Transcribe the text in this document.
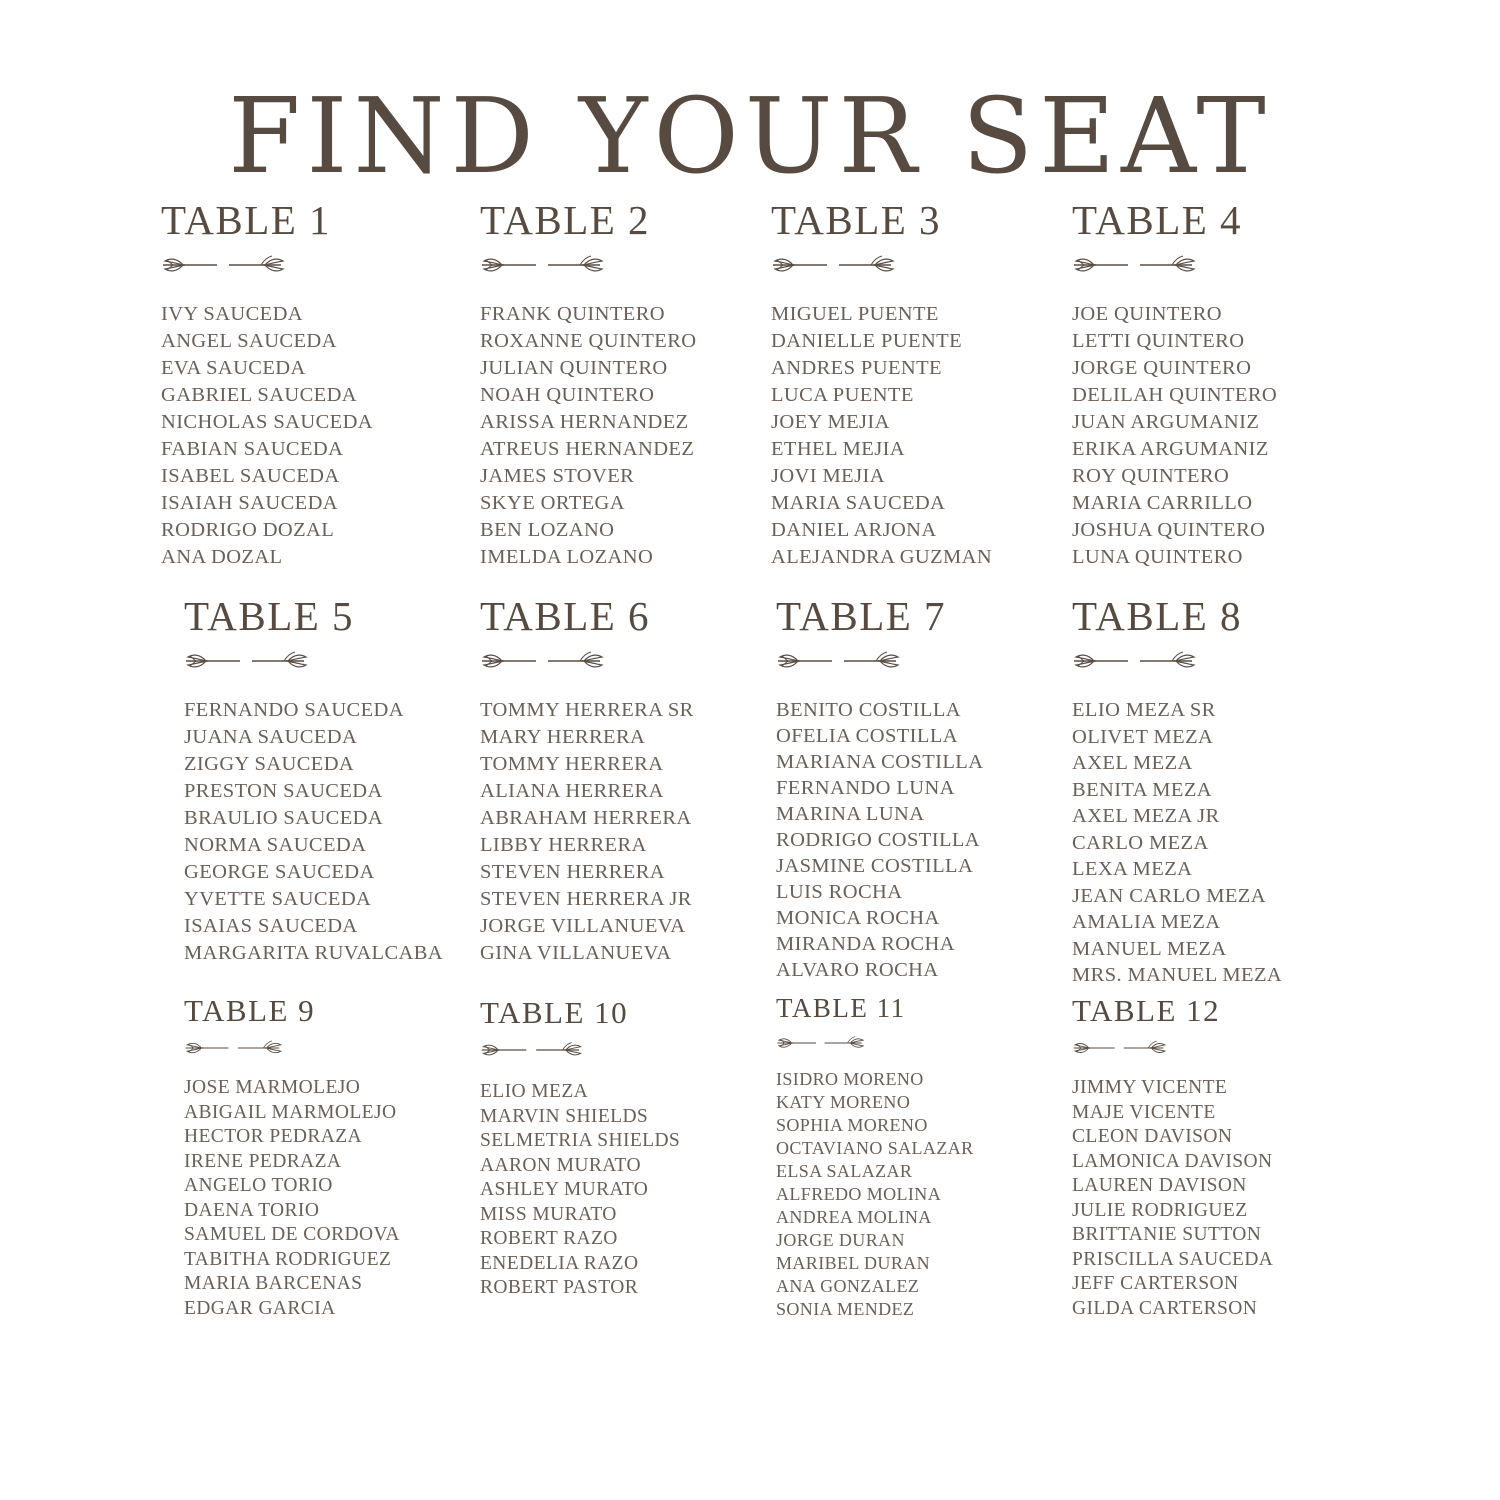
FIND YOUR SEAT
TABLE 1
IVY SAUCEDA
ANGEL SAUCEDA
EVA SAUCEDA
GABRIEL SAUCEDA
NICHOLAS SAUCEDA
FABIAN SAUCEDA
ISABEL SAUCEDA
ISAIAH SAUCEDA
RODRIGO DOZAL
ANA DOZAL
TABLE 2
FRANK QUINTERO
ROXANNE QUINTERO
JULIAN QUINTERO
NOAH QUINTERO
ARISSA HERNANDEZ
ATREUS HERNANDEZ
JAMES STOVER
SKYE ORTEGA
BEN LOZANO
IMELDA LOZANO
TABLE 3
MIGUEL PUENTE
DANIELLE PUENTE
ANDRES PUENTE
LUCA PUENTE
JOEY MEJIA
ETHEL MEJIA
JOVI MEJIA
MARIA SAUCEDA
DANIEL ARJONA
ALEJANDRA GUZMAN
TABLE 4
JOE QUINTERO
LETTI QUINTERO
JORGE QUINTERO
DELILAH QUINTERO
JUAN ARGUMANIZ
ERIKA ARGUMANIZ
ROY QUINTERO
MARIA CARRILLO
JOSHUA QUINTERO
LUNA QUINTERO
TABLE 5
FERNANDO SAUCEDA
JUANA SAUCEDA
ZIGGY SAUCEDA
PRESTON SAUCEDA
BRAULIO SAUCEDA
NORMA SAUCEDA
GEORGE SAUCEDA
YVETTE SAUCEDA
ISAIAS SAUCEDA
MARGARITA RUVALCABA
TABLE 6
TOMMY HERRERA SR
MARY HERRERA
TOMMY HERRERA
ALIANA HERRERA
ABRAHAM HERRERA
LIBBY HERRERA
STEVEN HERRERA
STEVEN HERRERA JR
JORGE VILLANUEVA
GINA VILLANUEVA
TABLE 7
BENITO COSTILLA
OFELIA COSTILLA
MARIANA COSTILLA
FERNANDO LUNA
MARINA LUNA
RODRIGO COSTILLA
JASMINE COSTILLA
LUIS ROCHA
MONICA ROCHA
MIRANDA ROCHA
ALVARO ROCHA
TABLE 8
ELIO MEZA SR
OLIVET MEZA
AXEL MEZA
BENITA MEZA
AXEL MEZA JR
CARLO MEZA
LEXA MEZA
JEAN CARLO MEZA
AMALIA MEZA
MANUEL MEZA
MRS. MANUEL MEZA
TABLE 9
JOSE MARMOLEJO
ABIGAIL MARMOLEJO
HECTOR PEDRAZA
IRENE PEDRAZA
ANGELO TORIO
DAENA TORIO
SAMUEL DE CORDOVA
TABITHA RODRIGUEZ
MARIA BARCENAS
EDGAR GARCIA
TABLE 10
ELIO MEZA
MARVIN SHIELDS
SELMETRIA SHIELDS
AARON MURATO
ASHLEY MURATO
MISS MURATO
ROBERT RAZO
ENEDELIA RAZO
ROBERT PASTOR
TABLE 11
ISIDRO MORENO
KATY MORENO
SOPHIA MORENO
OCTAVIANO SALAZAR
ELSA SALAZAR
ALFREDO MOLINA
ANDREA MOLINA
JORGE DURAN
MARIBEL DURAN
ANA GONZALEZ
SONIA MENDEZ
TABLE 12
JIMMY VICENTE
MAJE VICENTE
CLEON DAVISON
LAMONICA DAVISON
LAUREN DAVISON
JULIE RODRIGUEZ
BRITTANIE SUTTON
PRISCILLA SAUCEDA
JEFF CARTERSON
GILDA CARTERSON
